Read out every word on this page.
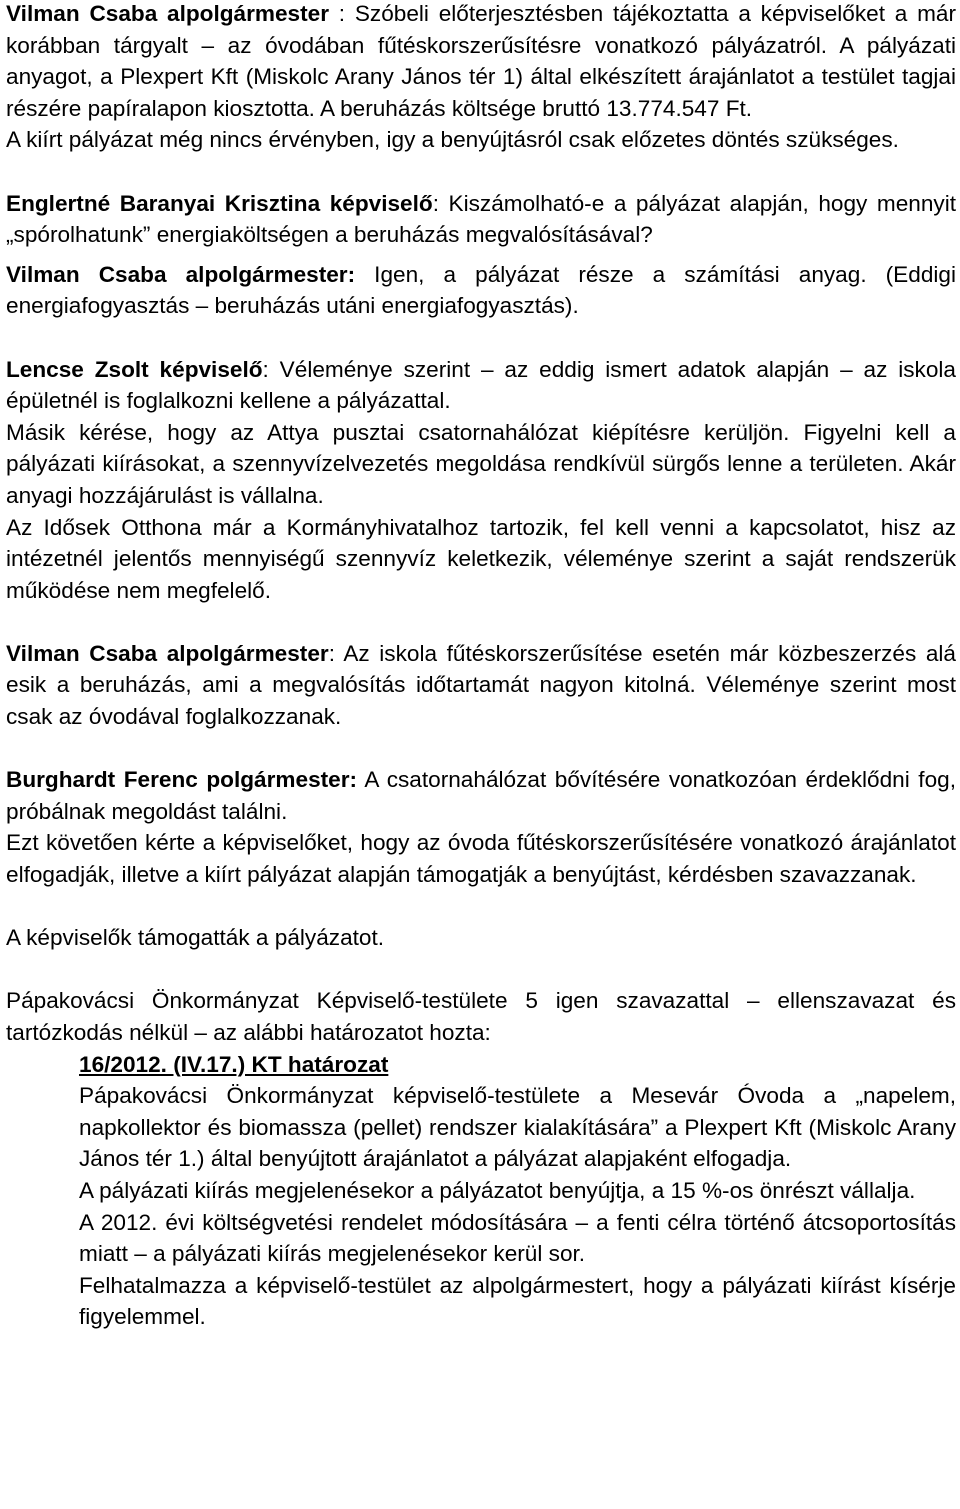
Vilman Csaba alpolgármester : Szóbeli előterjesztésben tájékoztatta a képviselőket a már korábban tárgyalt – az óvodában fűtéskorszerűsítésre vonatkozó pályázatról. A pályázati anyagot, a Plexpert Kft (Miskolc Arany János tér 1) által elkészített árajánlatot a testület tagjai részére papíralapon kiosztotta. A beruházás költsége bruttó 13.774.547 Ft.

A kiírt pályázat még nincs érvényben, igy a benyújtásról csak előzetes döntés szükséges.

Englertné Baranyai Krisztina képviselő: Kiszámolható-e a pályázat alapján, hogy mennyit „spórolhatunk” energiaköltségen a beruházás megvalósításával?

Vilman Csaba alpolgármester: Igen, a pályázat része a számítási anyag. (Eddigi energiafogyasztás – beruházás utáni energiafogyasztás).

Lencse Zsolt képviselő: Véleménye szerint – az eddig ismert adatok alapján – az iskola épületnél is foglalkozni kellene a pályázattal.

Másik kérése, hogy az Attya pusztai csatornahálózat kiépítésre kerüljön. Figyelni kell a pályázati kiírásokat, a szennyvízelvezetés megoldása rendkívül sürgős lenne a területen. Akár anyagi hozzájárulást is vállalna.

Az Idősek Otthona már a Kormányhivatalhoz tartozik, fel kell venni a kapcsolatot, hisz az intézetnél jelentős mennyiségű szennyvíz keletkezik, véleménye szerint a saját rendszerük működése nem megfelelő.

Vilman Csaba alpolgármester: Az iskola fűtéskorszerűsítése esetén már közbeszerzés alá esik a beruházás, ami a megvalósítás időtartamát nagyon kitolná. Véleménye szerint most csak az óvodával foglalkozzanak.

Burghardt Ferenc polgármester: A csatornahálózat bővítésére vonatkozóan érdeklődni fog, próbálnak megoldást találni.

Ezt követően kérte a képviselőket, hogy az óvoda fűtéskorszerűsítésére vonatkozó árajánlatot elfogadják, illetve a kiírt pályázat alapján támogatják a benyújtást, kérdésben szavazzanak.

A képviselők támogatták a pályázatot.

Pápakovácsi Önkormányzat Képviselő-testülete 5 igen szavazattal – ellenszavazat és tartózkodás nélkül – az alábbi határozatot hozta:

16/2012. (IV.17.) KT határozat

Pápakovácsi Önkormányzat képviselő-testülete a Mesevár Óvoda a „napelem, napkollektor és biomassza (pellet) rendszer kialakítására” a Plexpert Kft (Miskolc Arany János tér 1.) által benyújtott árajánlatot a pályázat alapjaként elfogadja.

A pályázati kiírás megjelenésekor a pályázatot benyújtja, a 15 %-os önrészt vállalja.

A 2012. évi költségvetési rendelet módosítására – a fenti célra történő átcsoportosítás miatt – a pályázati kiírás megjelenésekor kerül sor.

Felhatalmazza a képviselő-testület az alpolgármestert, hogy a pályázati kiírást kísérje figyelemmel.
